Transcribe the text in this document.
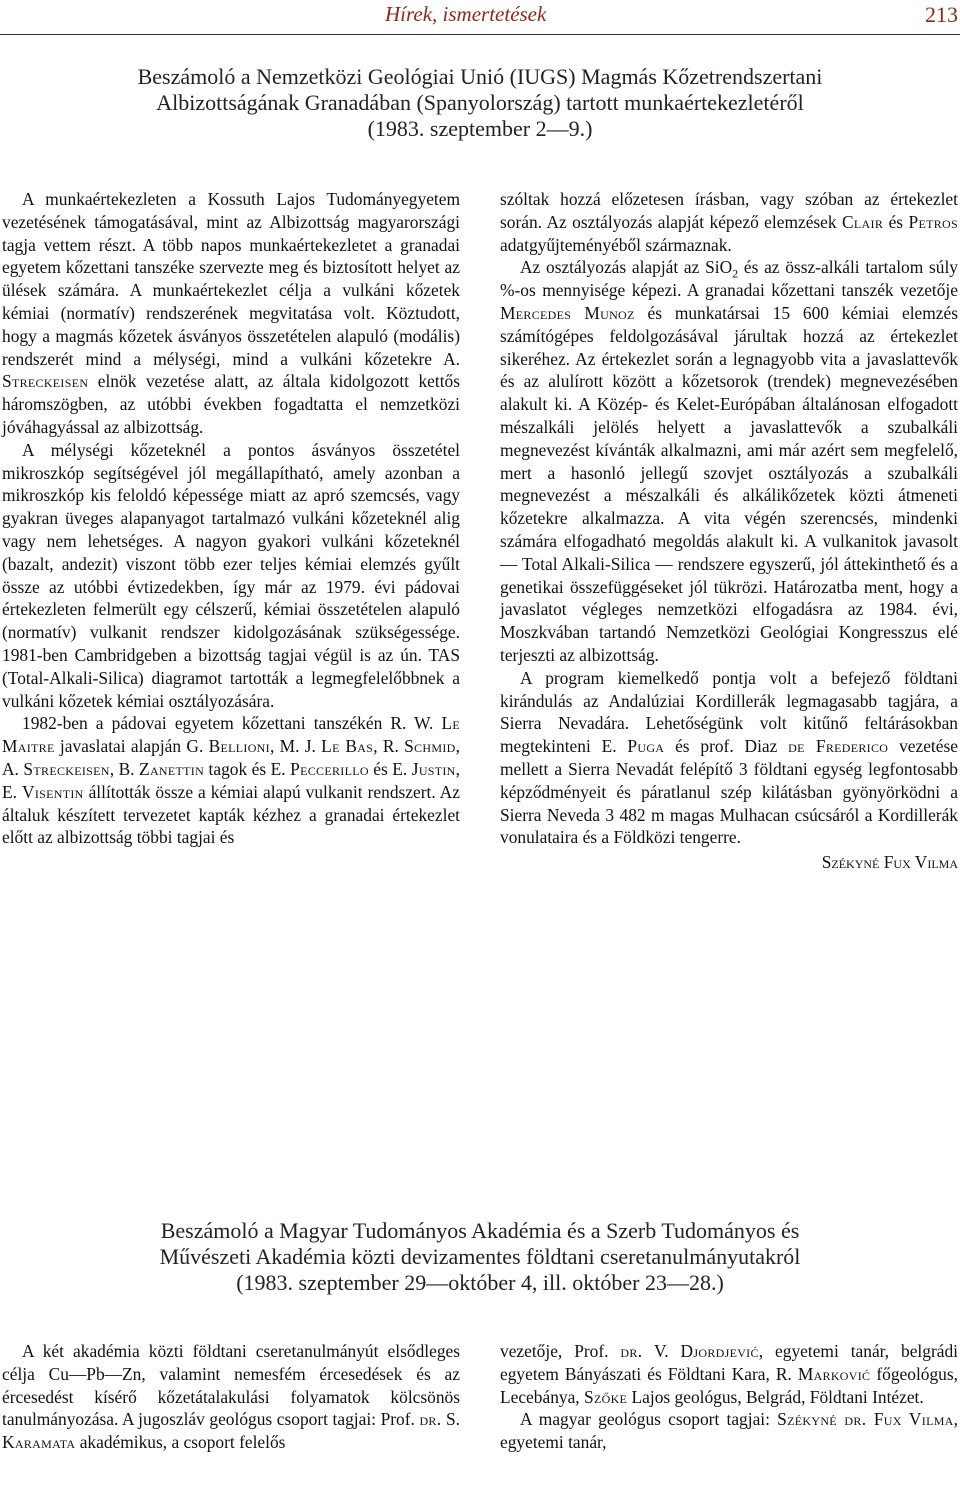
Hírek, ismertetések	213
Beszámoló a Nemzetközi Geológiai Unió (IUGS) Magmás Kőzetrendszertani
Albizottságának Granadában (Spanyolország) tartott munkaértekezletéről
(1983. szeptember 2—9.)

A munkaértekezleten a Kossuth Lajos Tudományegyetem vezetésének támogatásával, mint az Albizottság magyarországi tagja vettem részt. A több napos munkaértekezletet a granadai egyetem kőzettani tanszéke szervezte meg és biztosított helyet az ülések számára. A munkaértekezlet célja a vulkáni kőzetek kémiai (normatív) rendszerének megvitatása volt. Köztudott, hogy a magmás kőzetek ásványos összetételen alapuló (modális) rendszerét mind a mélységi, mind a vulkáni kőzetekre A. Streckeisen elnök vezetése alatt, az általa kidolgozott kettős háromszögben, az utóbbi években fogadtatta el nemzetközi jóváhagyással az albizottság.

A mélységi kőzeteknél a pontos ásványos összetétel mikroszkóp segítségével jól megállapítható, amely azonban a mikroszkóp kis feloldó képessége miatt az apró szemcsés, vagy gyakran üveges alapanyagot tartalmazó vulkáni kőzeteknél alig vagy nem lehetséges. A nagyon gyakori vulkáni kőzeteknél (bazalt, andezit) viszont több ezer teljes kémiai elemzés gyűlt össze az utóbbi évtizedekben, így már az 1979. évi pádovai értekezleten felmerült egy célszerű, kémiai összetételen alapuló (normatív) vulkanit rendszer kidolgozásának szükségessége. 1981-ben Cambridgeben a bizottság tagjai végül is az ún. TAS (Total-Alkali-Silica) diagramot tartották a legmegfelelőbbnek a vulkáni kőzetek kémiai osztályozására.

1982-ben a pádovai egyetem kőzettani tanszékén R. W. Le Maitre javaslatai alapján G. Bellioni, M. J. Le Bas, R. Schmid, A. Streckeisen, B. Zanettin tagok és E. Peccerillo és E. Justin, E. Visentin állították össze a kémiai alapú vulkanit rendszert. Az általuk készített tervezetet kapták kézhez a granadai értekezlet előtt az albizottság többi tagjai és

szóltak hozzá előzetesen írásban, vagy szóban az értekezlet során. Az osztályozás alapját képező elemzések Clair és Petros adatgyűjteményéből származnak.

Az osztályozás alapját az SiO$_2$ és az össz-alkáli tartalom súly %-os mennyisége képezi. A granadai kőzettani tanszék vezetője Mercedes Munoz és munkatársai 15 600 kémiai elemzés számítógépes feldolgozásával járultak hozzá az értekezlet sikeréhez. Az értekezlet során a legnagyobb vita a javaslattevők és az alulírott között a kőzetsorok (trendek) megnevezésében alakult ki. A Közép- és Kelet-Európában általánosan elfogadott mészalkáli jelölés helyett a javaslattevők a szubalkáli megnevezést kívánták alkalmazni, ami már azért sem megfelelő, mert a hasonló jellegű szovjet osztályozás a szubalkáli megnevezést a mészalkáli és alkálikőzetek közti átmeneti kőzetekre alkalmazza. A vita végén szerencsés, mindenki számára elfogadható megoldás alakult ki. A vulkanitok javasolt — Total Alkali-Silica — rendszere egyszerű, jól áttekinthető és a genetikai összefüggéseket jól tükrözi. Határozatba ment, hogy a javaslatot végleges nemzetközi elfogadásra az 1984. évi, Moszkvában tartandó Nemzetközi Geológiai Kongresszus elé terjeszti az albizottság.

A program kiemelkedő pontja volt a befejező földtani kirándulás az Andalúziai Kordillerák legmagasabb tagjára, a Sierra Nevadára. Lehetőségünk volt kitűnő feltárásokban megtekinteni E. Puga és prof. Diaz de Frederico vezetése mellett a Sierra Nevadát felépítő 3 földtani egység legfontosabb képződményeit és páratlanul szép kilátásban gyönyörködni a Sierra Neveda 3 482 m magas Mulhacan csúcsáról a Kordillerák vonulataira és a Földközi tengerre.

Székyné Fux Vilma
Beszámoló a Magyar Tudományos Akadémia és a Szerb Tudományos és
Művészeti Akadémia közti devizamentes földtani cseretanulmányutakról
(1983. szeptember 29—október 4, ill. október 23—28.)

A két akadémia közti földtani cseretanulmányút elsődleges célja Cu—Pb—Zn, valamint nemesfém ércesedések és az ércesedést kísérő kőzetátalakulási folyamatok kölcsönös tanulmányozása. A jugoszláv geológus csoport tagjai: Prof. dr. S. Karamata akadémikus, a csoport felelős

vezetője, Prof. dr. V. Djordjević, egyetemi tanár, belgrádi egyetem Bányászati és Földtani Kara, R. Marković főgeológus, Lecebánya, Szőke Lajos geológus, Belgrád, Földtani Intézet.

A magyar geológus csoport tagjai: Székyné dr. Fux Vilma, egyetemi tanár,
